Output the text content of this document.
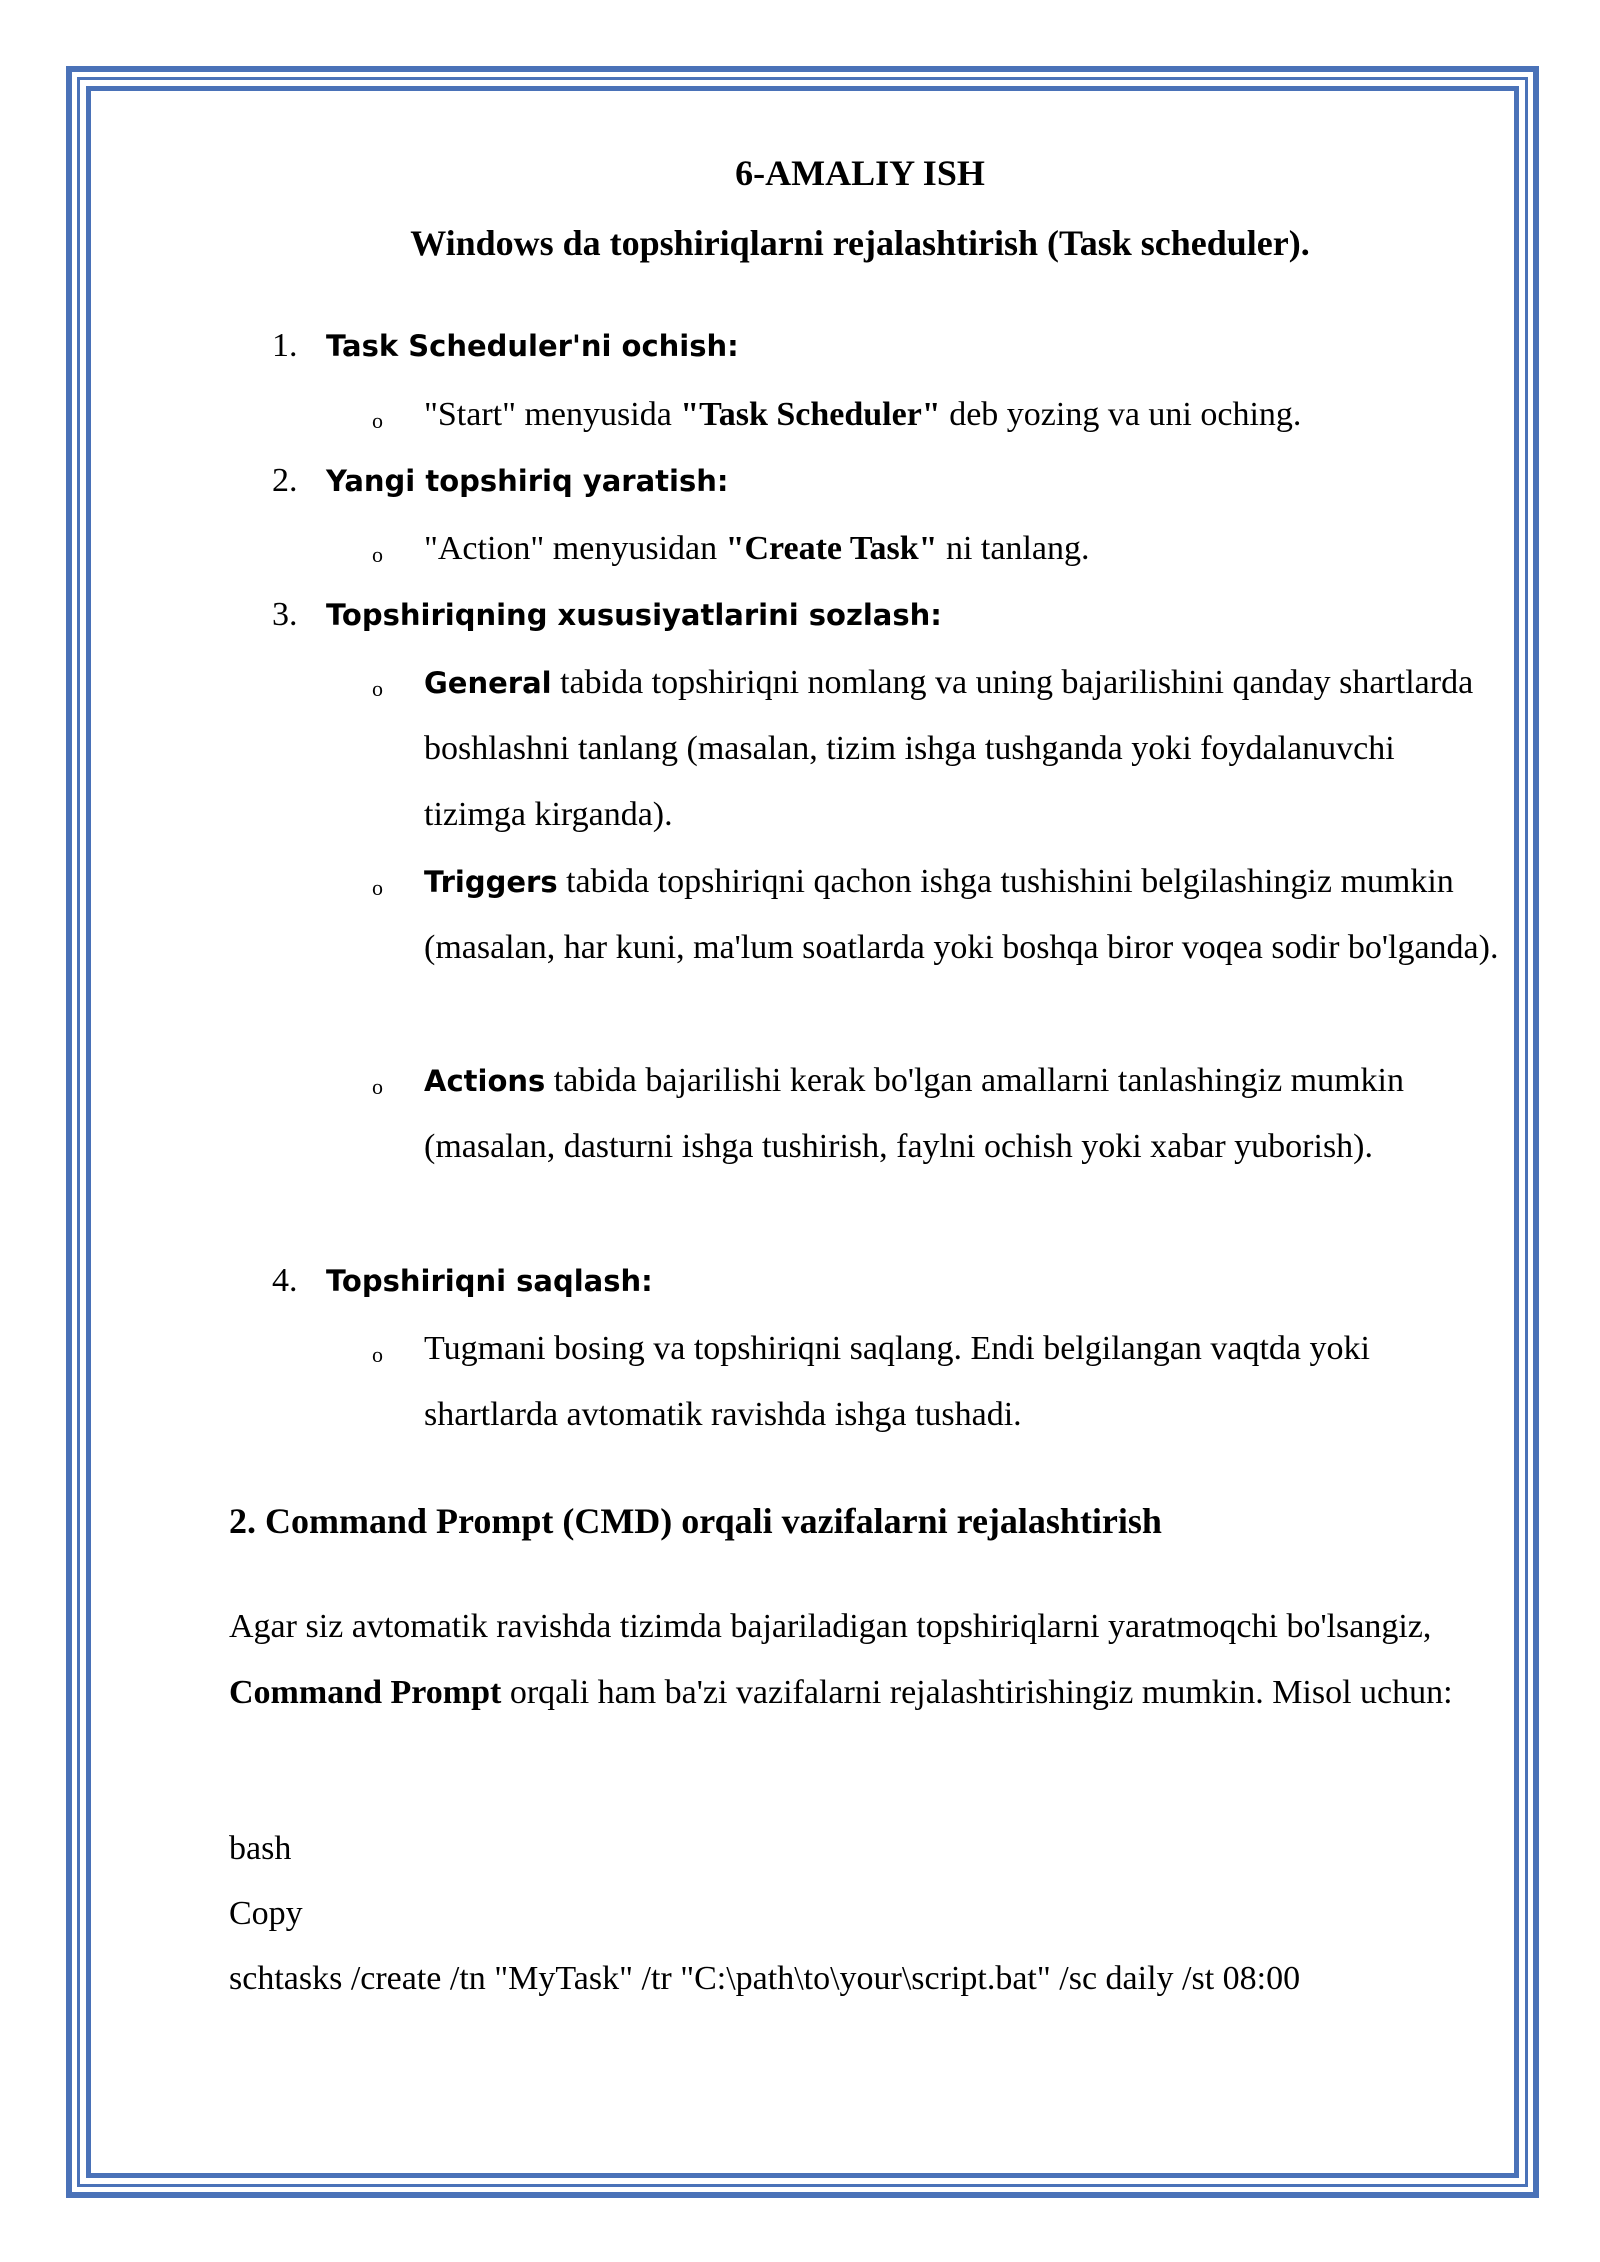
6-AMALIY ISH
Windows da topshiriqlarni rejalashtirish (Task scheduler).
1. Task Scheduler'ni ochish:
o "Start" menyusida "Task Scheduler" deb yozing va uni oching.
2. Yangi topshiriq yaratish:
o "Action" menyusidan "Create Task" ni tanlang.
3. Topshiriqning xususiyatlarini sozlash:
o General tabida topshiriqni nomlang va uning bajarilishini qanday shartlarda boshlashni tanlang (masalan, tizim ishga tushganda yoki foydalanuvchi tizimga kirganda).
o Triggers tabida topshiriqni qachon ishga tushishini belgilashingiz mumkin (masalan, har kuni, ma'lum soatlarda yoki boshqa biror voqea sodir bo'lganda).
o Actions tabida bajarilishi kerak bo'lgan amallarni tanlashingiz mumkin (masalan, dasturni ishga tushirish, faylni ochish yoki xabar yuborish).
4. Topshiriqni saqlash:
o Tugmani bosing va topshiriqni saqlang. Endi belgilangan vaqtda yoki shartlarda avtomatik ravishda ishga tushadi.
2. Command Prompt (CMD) orqali vazifalarni rejalashtirish
Agar siz avtomatik ravishda tizimda bajariladigan topshiriqlarni yaratmoqchi bo'lsangiz, Command Prompt orqali ham ba'zi vazifalarni rejalashtirishingiz mumkin. Misol uchun:
bash
Copy
schtasks /create /tn "MyTask" /tr "C:\path\to\your\script.bat" /sc daily /st 08:00
